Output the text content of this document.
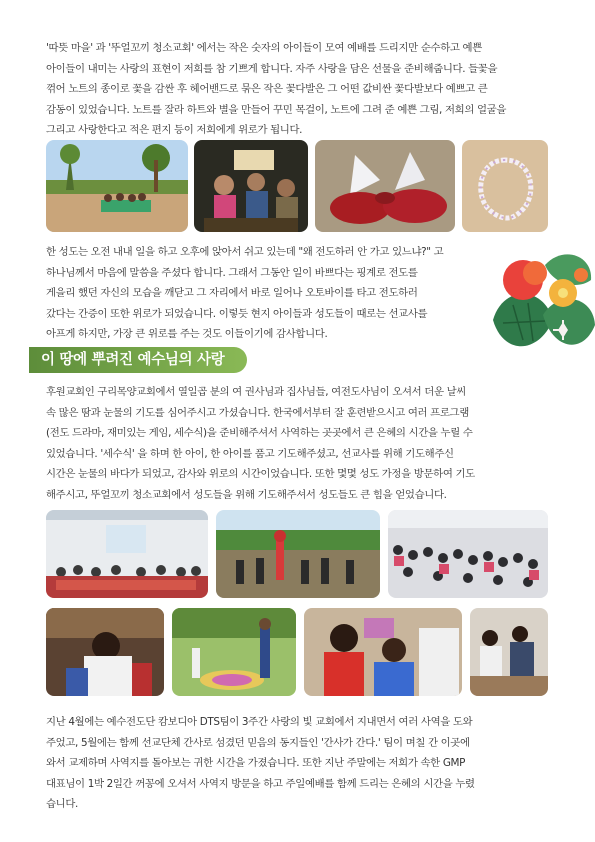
'따뜻 마을' 과 '뚜얼꼬끼 청소교회' 에서는 작은 숫자의 아이들이 모여 예배를 드리지만 순수하고 예쁜
아이들이 내미는 사랑의 표현이 저희를 참 기쁘게 합니다. 자주 사랑을 담은 선물을 준비해줍니다. 들꽃을
꺾어 노트의 종이로 꽃을 감싼 후 헤어밴드로 묶은 작은 꽃다발은 그 어떤 값비싼 꽃다발보다 예쁘고 큰
감동이 있었습니다. 노트를 잘라 하트와 별을 만들어 꾸민 목걸이, 노트에 그려 준 예쁜 그림, 저희의 얼굴을
그리고 사랑한다고 적은 편지 등이 저희에게 위로가 됩니다.

한 성도는 오전 내내 일을 하고 오후에 앉아서 쉬고 있는데 "왜 전도하러 안 가고 있느냐?" 고
하나님께서 마음에 말씀을 주셨다 합니다. 그래서 그동안 일이 바쁘다는 핑계로 전도를
게을리 했던 자신의 모습을 깨닫고 그 자리에서 바로 일어나 오토바이를 타고 전도하러
갔다는 간증이 또한 위로가 되었습니다. 이렇듯 현지 아이들과 성도들이 때로는 선교사를
아프게 하지만, 가장 큰 위로를 주는 것도 이들이기에 감사합니다.

이 땅에 뿌려진 예수님의 사랑

후원교회인 구리목양교회에서 열일곱 분의 여 권사님과 집사님들, 여전도사님이 오셔서 더운 날씨
속 많은 땀과 눈물의 기도를 심어주시고 가셨습니다. 한국에서부터 잘 훈련받으시고 여러 프로그램
(전도 드라마, 재미있는 게임, 세수식)을 준비해주셔서 사역하는 곳곳에서 큰 은혜의 시간을 누릴 수
있었습니다. '세수식' 을 하며 한 아이, 한 아이를 품고 기도해주셨고, 선교사를 위해 기도해주신
시간은 눈물의 바다가 되었고, 감사와 위로의 시간이었습니다. 또한 몇몇 성도 가정을 방문하여 기도
해주시고, 뚜얼꼬끼 청소교회에서 성도들을 위해 기도해주셔서 성도들도 큰 힘을 얻었습니다.

지난 4월에는 예수전도단 캄보디아 DTS팀이 3주간 사랑의 빛 교회에서 지내면서 여러 사역을 도와
주었고, 5월에는 함께 선교단체 간사로 섬겼던 믿음의 동지들인 '간사가 간다.' 팀이 며칠 간 이곳에
와서 교제하며 사역지를 돌아보는 귀한 시간을 가졌습니다. 또한 지난 주말에는 저희가 속한 GMP
대표님이 1박 2일간 꺼꽁에 오셔서 사역지 방문을 하고 주일예배를 함께 드리는 은혜의 시간을 누렸
습니다.
